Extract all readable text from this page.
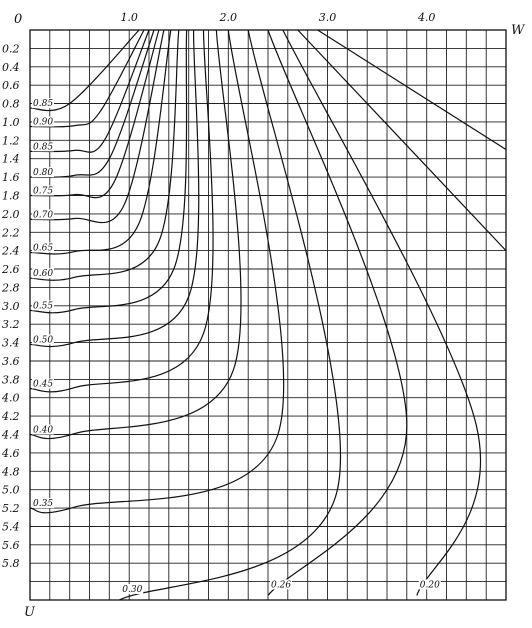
1.0	2.0	3.0	4.0
0.2
0.4
0.6
0.8
1.0
1.2
1.4
1.6
1.8
2.0
2.2
2.4
2.6
2.8
3.0
3.2
3.4
3.6
3.8
4.0
4.2
4.4
4.6
4.8
5.0
5.2
5.4
5.6
5.8
0.85
0.90
0.85
0.80
0.75
0.70
0.65
0.60
0.55
0.50
0.45
0.40
0.35
0.30	0.26	0.20
W
0
U
